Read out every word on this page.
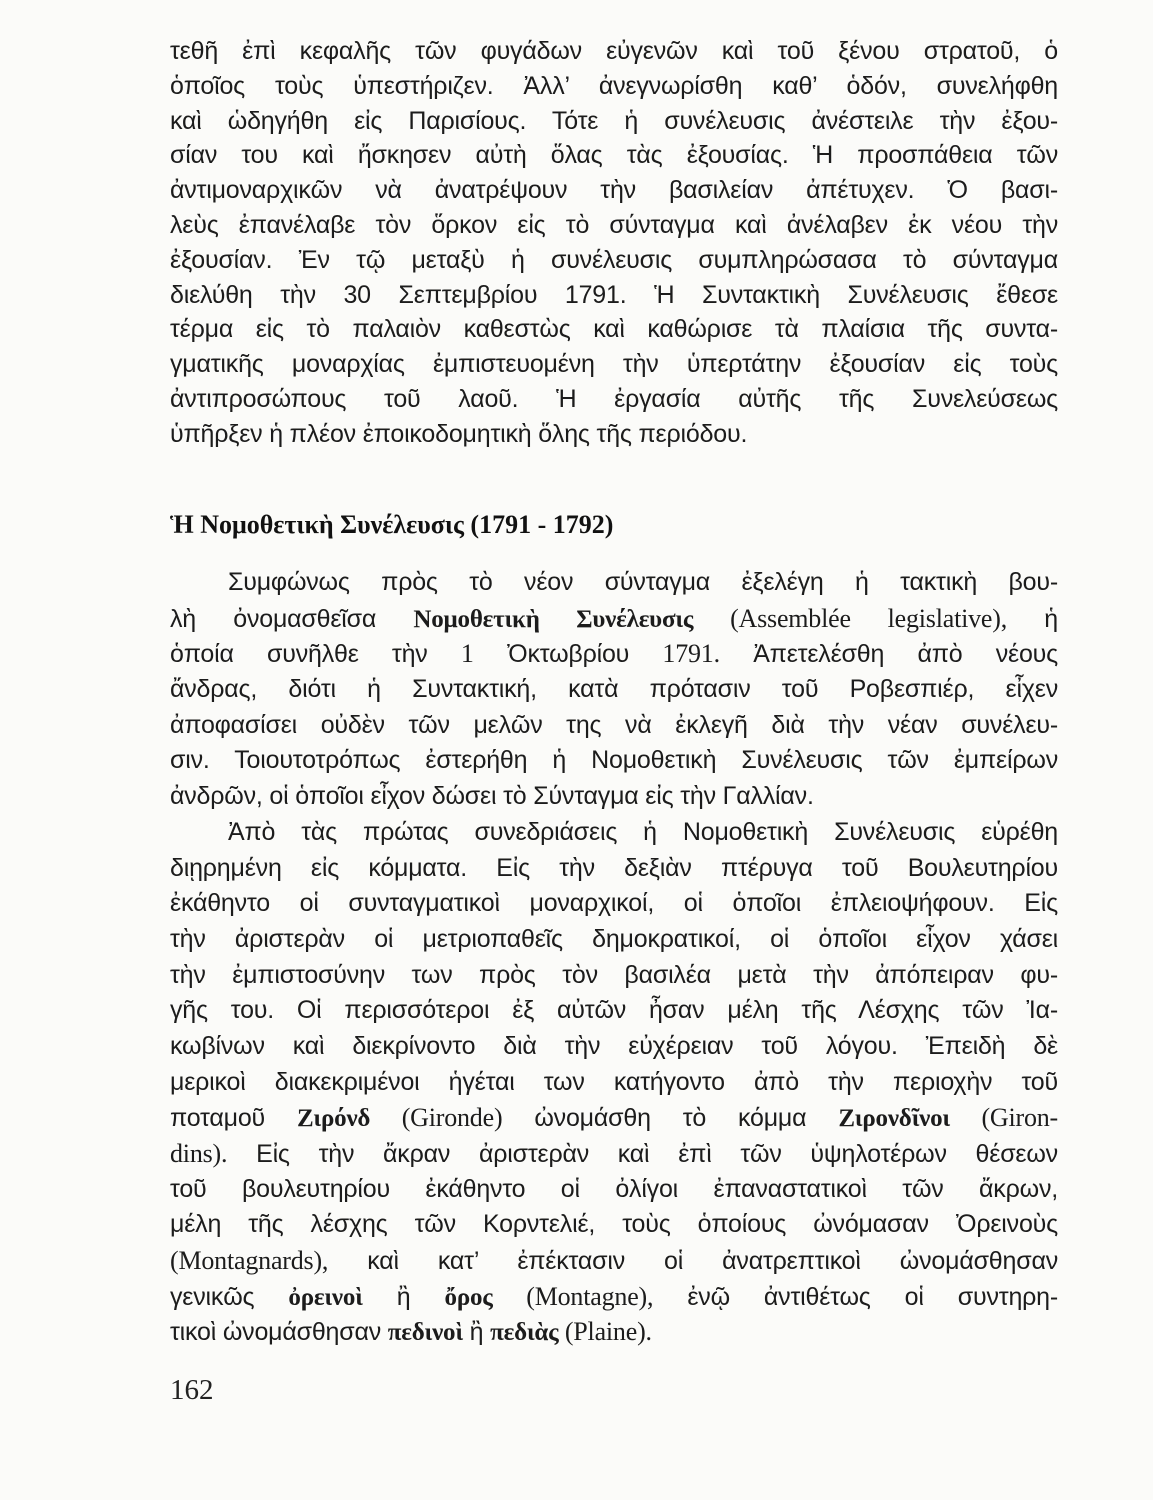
τεθῆ ἐπὶ κεφαλῆς τῶν φυγάδων εὐγενῶν καὶ τοῦ ξένου στρατοῦ, ὁ
ὁποῖος τοὺς ὑπεστήριζεν. Ἀλλ’ ἀνεγνωρίσθη καθ’ ὁδόν, συνελήφθη
καὶ ὡδηγήθη εἰς Παρισίους. Τότε ἡ συνέλευσις ἀνέστειλε τὴν ἐξου-
σίαν του καὶ ἤσκησεν αὐτὴ ὅλας τὰς ἐξουσίας. Ἡ προσπάθεια τῶν
ἀντιμοναρχικῶν νὰ ἀνατρέψουν τὴν βασιλείαν ἀπέτυχεν. Ὁ βασι-
λεὺς ἐπανέλαβε τὸν ὅρκον εἰς τὸ σύνταγμα καὶ ἀνέλαβεν ἐκ νέου τὴν
ἐξουσίαν. Ἐν τῷ μεταξὺ ἡ συνέλευσις συμπληρώσασα τὸ σύνταγμα
διελύθη τὴν 30 Σεπτεμβρίου 1791. Ἡ Συντακτικὴ Συνέλευσις ἔθεσε
τέρμα εἰς τὸ παλαιὸν καθεστὼς καὶ καθώρισε τὰ πλαίσια τῆς συντα-
γματικῆς μοναρχίας ἐμπιστευομένη τὴν ὑπερτάτην ἐξουσίαν εἰς τοὺς
ἀντιπροσώπους τοῦ λαοῦ. Ἡ ἐργασία αὐτῆς τῆς Συνελεύσεως
ὑπῆρξεν ἡ πλέον ἐποικοδομητικὴ ὅλης τῆς περιόδου.
Ἡ Νομοθετικὴ Συνέλευσις (1791 - 1792)
Συμφώνως πρὸς τὸ νέον σύνταγμα ἐξελέγη ἡ τακτικὴ βου-
λὴ ὀνομασθεῖσα Νομοθετικὴ Συνέλευσις (Assemblée legislative), ἡ
ὁποία συνῆλθε τὴν 1 Ὀκτωβρίου 1791. Ἀπετελέσθη ἀπὸ νέους
ἄνδρας, διότι ἡ Συντακτική, κατὰ πρότασιν τοῦ Ροβεσπιέρ, εἶχεν
ἀποφασίσει οὐδὲν τῶν μελῶν της νὰ ἐκλεγῆ διὰ τὴν νέαν συνέλευ-
σιν. Τοιουτοτρόπως ἐστερήθη ἡ Νομοθετικὴ Συνέλευσις τῶν ἐμπείρων
ἀνδρῶν, οἱ ὁποῖοι εἶχον δώσει τὸ Σύνταγμα εἰς τὴν Γαλλίαν.
Ἀπὸ τὰς πρώτας συνεδριάσεις ἡ Νομοθετικὴ Συνέλευσις εὑρέθη
διῃρημένη εἰς κόμματα. Εἰς τὴν δεξιὰν πτέρυγα τοῦ Βουλευτηρίου
ἐκάθηντο οἱ συνταγματικοὶ μοναρχικοί, οἱ ὁποῖοι ἐπλειοψήφουν. Εἰς
τὴν ἀριστερὰν οἱ μετριοπαθεῖς δημοκρατικοί, οἱ ὁποῖοι εἶχον χάσει
τὴν ἐμπιστοσύνην των πρὸς τὸν βασιλέα μετὰ τὴν ἀπόπειραν φυ-
γῆς του. Οἱ περισσότεροι ἐξ αὐτῶν ἦσαν μέλη τῆς Λέσχης τῶν Ἰα-
κωβίνων καὶ διεκρίνοντο διὰ τὴν εὐχέρειαν τοῦ λόγου. Ἐπειδὴ δὲ
μερικοὶ διακεκριμένοι ἡγέται των κατήγοντο ἀπὸ τὴν περιοχὴν τοῦ
ποταμοῦ Ζιρόνδ (Gironde) ὠνομάσθη τὸ κόμμα Ζιρονδῖνοι (Giron-
dins). Εἰς τὴν ἄκραν ἀριστερὰν καὶ ἐπὶ τῶν ὑψηλοτέρων θέσεων
τοῦ βουλευτηρίου ἐκάθηντο οἱ ὀλίγοι ἐπαναστατικοὶ τῶν ἄκρων,
μέλη τῆς λέσχης τῶν Κορντελιέ, τοὺς ὁποίους ὠνόμασαν Ὀρεινοὺς
(Montagnards), καὶ κατ’ ἐπέκτασιν οἱ ἀνατρεπτικοὶ ὠνομάσθησαν
γενικῶς ὀρεινοὶ ἢ ὄρος (Montagne), ἐνῷ ἀντιθέτως οἱ συντηρη-
τικοὶ ὠνομάσθησαν πεδινοὶ ἢ πεδιὰς (Plaine).
162
